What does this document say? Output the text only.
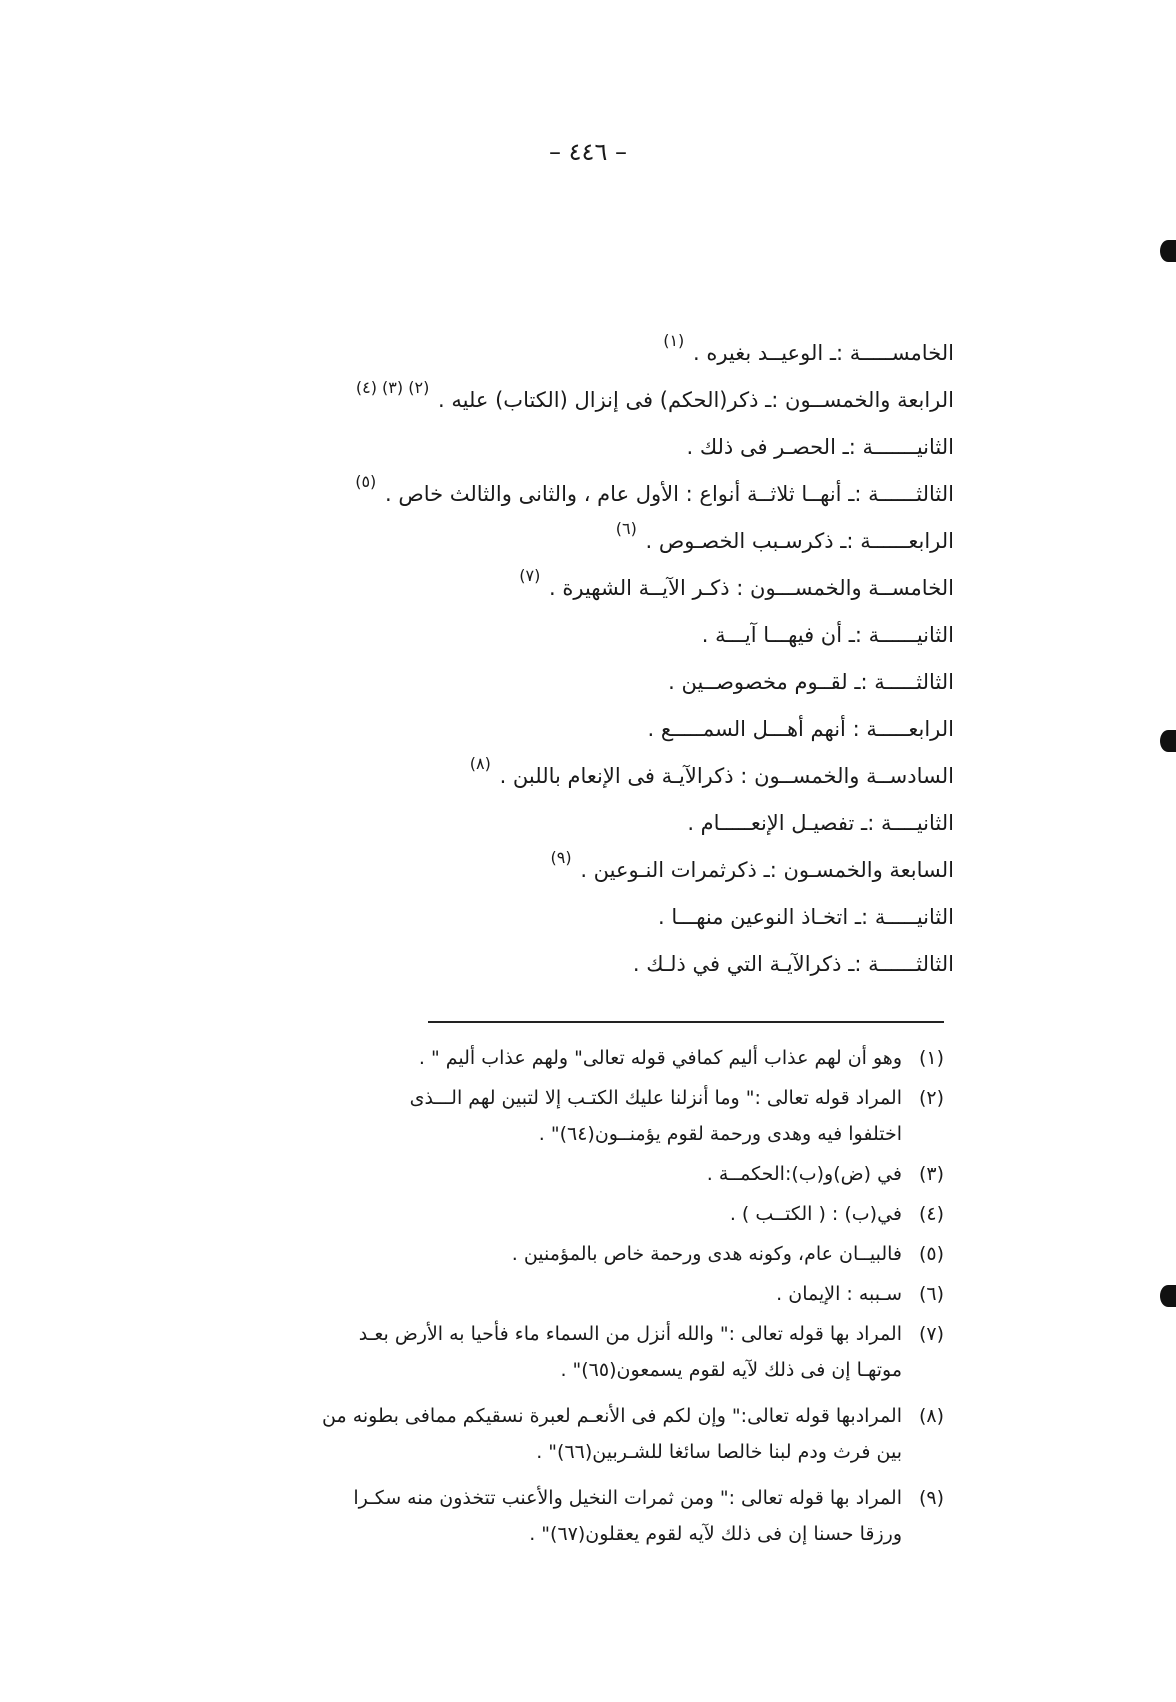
– ٤٤٦ –
الخامســـــة :ـ الوعيــد بغيره . $^{(١)}$
الرابعة والخمســون :ـ ذكر(الحكم) فى إنزال (الكتاب) عليه . $^{(٢) (٣) (٤)}$
الثانيـــــــة :ـ الحصـر فى ذلك .
الثالثــــــة :ـ أنهــا ثلاثــة أنواع : الأول عام ، والثانى والثالث خاص . $^{(٥)}$
الرابعــــــة :ـ ذكرسـبب الخصـوص . $^{(٦)}$
الخامســة والخمســـون : ذكـر الآيــة الشهيرة . $^{(٧)}$
الثانيــــــة :ـ أن فيهـــا آيـــة .
الثالثـــــة :ـ لقــوم مخصوصــين .
الرابعـــــة : أنهم أهـــل السمـــــع .
السادســة والخمســون : ذكرالآيـة فى الإنعام باللبن . $^{(٨)}$
الثانيــــة :ـ تفصيـل الإنعـــــام .
السابعة والخمسـون :ـ ذكرثمرات النـوعين . $^{(٩)}$
الثانيـــــة :ـ اتخـاذ النوعين منهـــا .
الثالثــــــة :ـ ذكرالآيـة التي في ذلـك .
(١)
وهو أن لهم عذاب أليم كمافي قوله تعالى" ولهم عذاب أليم " .
(٢)
المراد قوله تعالى :" وما أنزلنا عليك الكتـب إلا لتبين لهم الـــذى
اختلفوا فيه وهدى ورحمة لقوم يؤمنــون(٦٤)" .
(٣)
في (ض)و(ب):الحكمــة .
(٤)
في(ب) : ( الكتــب ) .
(٥)
فالبيــان عام، وكونه هدى ورحمة خاص بالمؤمنين .
(٦)
سـببه : الإيمان .
(٧)
المراد بها قوله تعالى :" والله أنزل من السماء ماء فأحيا به الأرض بعـد
موتهـا إن فى ذلك لآيه لقوم يسمعون(٦٥)" .
(٨)
المرادبها قوله تعالى:" وإن لكم فى الأنعـم لعبرة نسقيكم ممافى بطونه من
بين فرث ودم لبنا خالصا سائغا للشـربين(٦٦)" .
(٩)
المراد بها قوله تعالى :" ومن ثمرات النخيل والأعنب تتخذون منه سكـرا
ورزقا حسنا إن فى ذلك لآيه لقوم يعقلون(٦٧)" .
